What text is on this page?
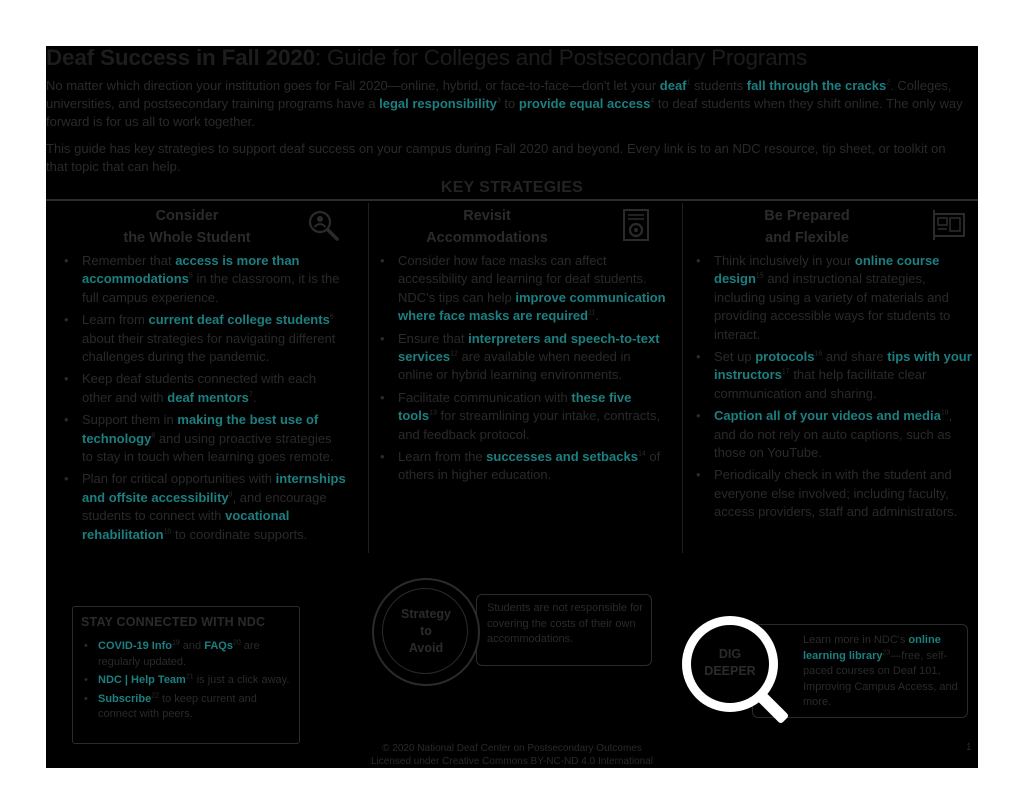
Deaf Success in Fall 2020: Guide for Colleges and Postsecondary Programs
No matter which direction your institution goes for Fall 2020—online, hybrid, or face-to-face—don't let your deaf$^1$ students fall through the cracks$^2$. Colleges, universities, and postsecondary training programs have a legal responsibility$^3$ to provide equal access$^4$ to deaf students when they shift online. The only way forward is for us all to work together.
This guide has key strategies to support deaf success on your campus during Fall 2020 and beyond. Every link is to an NDC resource, tip sheet, or toolkit on that topic that can help.
KEY STRATEGIES
Consider
the Whole Student
• Remember that access is more than accommodations$^5$ in the classroom, it is the full campus experience.
• Learn from current deaf college students$^6$ about their strategies for navigating different challenges during the pandemic.
• Keep deaf students connected with each other and with deaf mentors$^7$.
• Support them in making the best use of technology$^8$ and using proactive strategies to stay in touch when learning goes remote.
• Plan for critical opportunities with internships and offsite accessibility$^9$, and encourage students to connect with vocational rehabilitation$^{10}$ to coordinate supports.
Revisit
Accommodations
• Consider how face masks can affect accessibility and learning for deaf students. NDC's tips can help improve communication where face masks are required$^{11}$.
• Ensure that interpreters and speech-to-text services$^{12}$ are available when needed in online or hybrid learning environments.
• Facilitate communication with these five tools$^{13}$ for streamlining your intake, contracts, and feedback protocol.
• Learn from the successes and setbacks$^{14}$ of others in higher education.
Be Prepared
and Flexible
• Think inclusively in your online course design$^{15}$ and instructional strategies, including using a variety of materials and providing accessible ways for students to interact.
• Set up protocols$^{16}$ and share tips with your instructors$^{17}$ that help facilitate clear communication and sharing.
• Caption all of your videos and media$^{18}$, and do not rely on auto captions, such as those on YouTube.
• Periodically check in with the student and everyone else involved; including faculty, access providers, staff and administrators.
STAY CONNECTED WITH NDC
• COVID-19 Info$^{19}$ and FAQs$^{20}$ are regularly updated.
• NDC | Help Team$^{21}$ is just a click away.
• Subscribe$^{22}$ to keep current and connect with peers.
Students are not responsible for covering the costs of their own accommodations.
Strategy
to
Avoid
Learn more in NDC's online learning library$^{23}$—free, self-paced courses on Deaf 101, Improving Campus Access, and more.
DIG
DEEPER
© 2020 National Deaf Center on Postsecondary Outcomes
Licensed under Creative Commons BY-NC-ND 4.0 International
1
